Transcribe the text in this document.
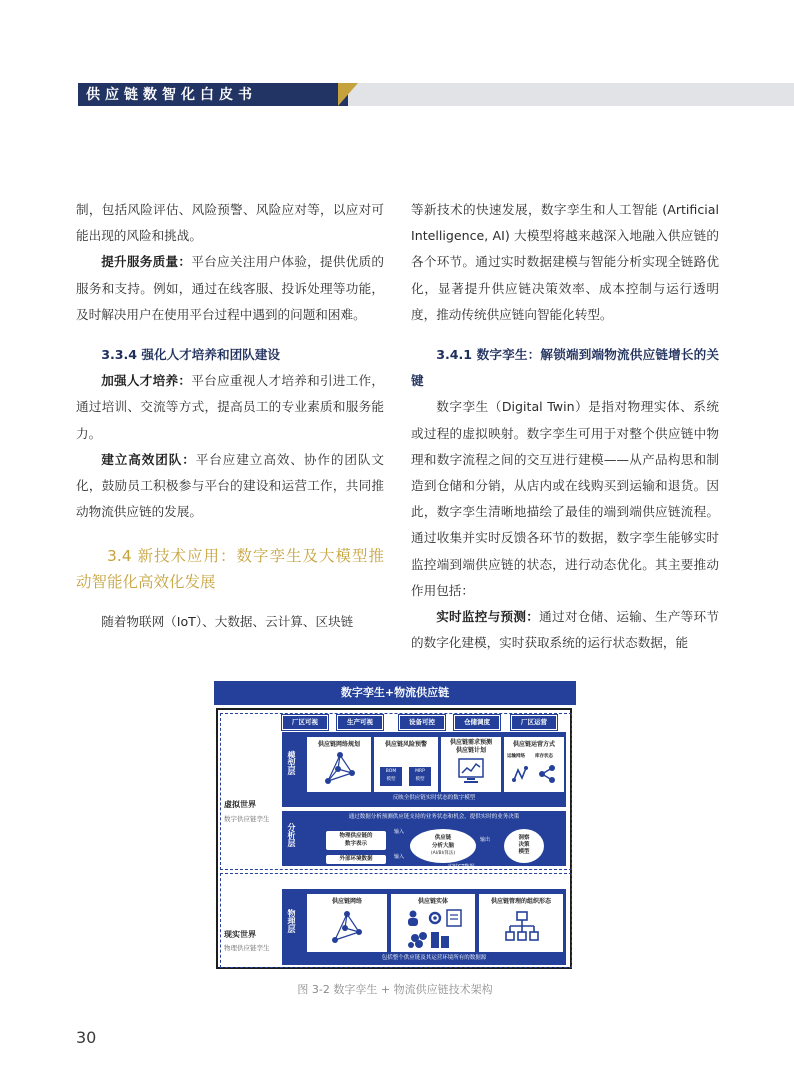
供应链数智化白皮书

制，包括风险评估、风险预警、风险应对等，以应对可能出现的风险和挑战。

提升服务质量：平台应关注用户体验，提供优质的服务和支持。例如，通过在线客服、投诉处理等功能，及时解决用户在使用平台过程中遇到的问题和困难。

3.3.4 强化人才培养和团队建设

加强人才培养：平台应重视人才培养和引进工作，通过培训、交流等方式，提高员工的专业素质和服务能力。

建立高效团队：平台应建立高效、协作的团队文化，鼓励员工积极参与平台的建设和运营工作，共同推动物流供应链的发展。

3.4 新技术应用：数字孪生及大模型推动智能化高效化发展

随着物联网（IoT）、大数据、云计算、区块链

等新技术的快速发展，数字孪生和人工智能 (Artificial Intelligence, AI) 大模型将越来越深入地融入供应链的各个环节。通过实时数据建模与智能分析实现全链路优化，显著提升供应链决策效率、成本控制与运行透明度，推动传统供应链向智能化转型。

3.4.1 数字孪生：解锁端到端物流供应链增长的关键

数字孪生（Digital Twin）是指对物理实体、系统或过程的虚拟映射。数字孪生可用于对整个供应链中物理和数字流程之间的交互进行建模——从产品构思和制造到仓储和分销，从店内或在线购买到运输和退货。因此，数字孪生清晰地描绘了最佳的端到端供应链流程。通过收集并实时反馈各环节的数据，数字孪生能够实时监控端到端供应链的状态，进行动态优化。其主要推动作用包括：

实时监控与预测：通过对仓储、运输、生产等环节的数字化建模，实时获取系统的运行状态数据，能

数字孪生+物流供应链
虚拟世界
数字供应链孪生
现实世界
物理供应链孪生
厂区可视	生产可视	设备可控	仓储调度	厂区运营
模型层
供应链网络规划	供应链风险预警
BOM
模型
MRP
模型
供应链需求预测
供应链计划
供应链运营方式
运输网络 库存状态
反映全供应链实时状态的数字模型
分析层
通过数据分析预测供应链支持的业务状态和机会，提供实时的业务决策
物理供应链的
数字表示
外部环境数据
输入
输入
供应链
分析大脑
(AI/BI/算法)
输出	洞察
决策
模型
实时CT数据
物理层
供应链网络	供应链实体	供应链管理的组织形态
包括整个供应链及其运营环境所有的数据源
图 3-2 数字孪生 + 物流供应链技术架构
30
